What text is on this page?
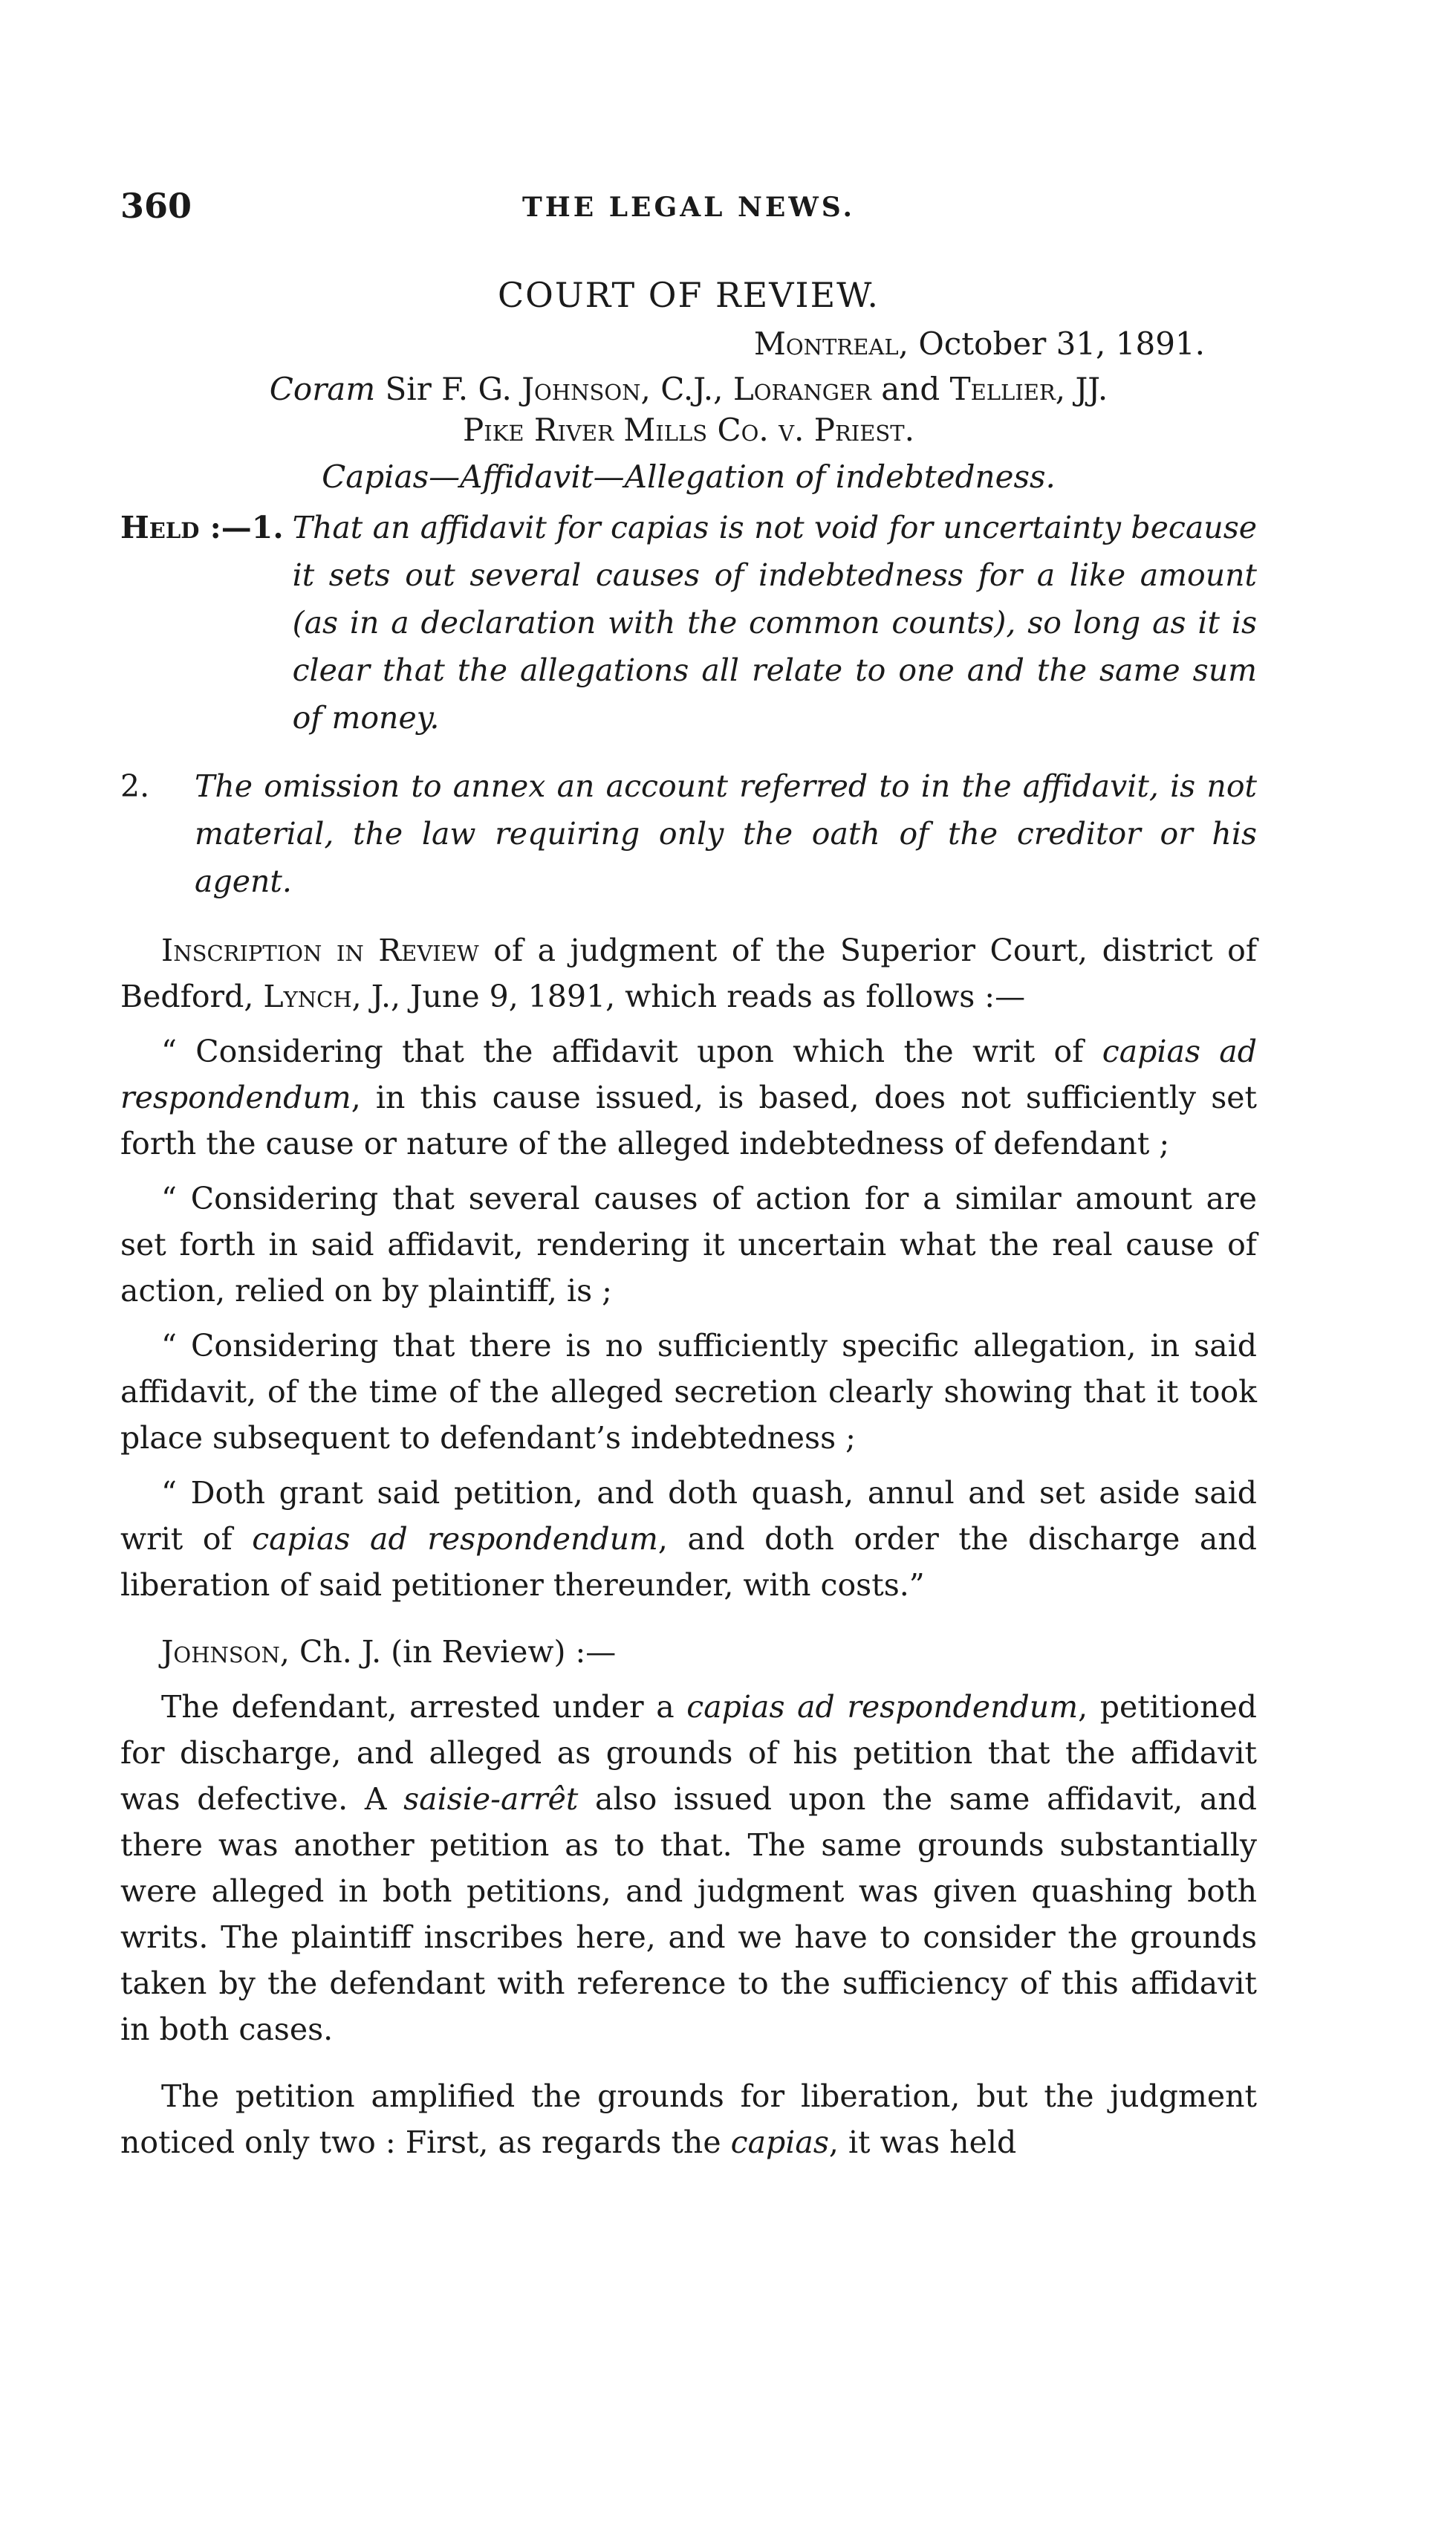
360	THE LEGAL NEWS.
COURT OF REVIEW.
Montreal, October 31, 1891.
Coram Sir F. G. Johnson, C.J., Loranger and Tellier, JJ.
Pike River Mills Co. v. Priest.
Capias—Affidavit—Allegation of indebtedness.
Held :—1. That an affidavit for capias is not void for uncertainty because it sets out several causes of indebtedness for a like amount (as in a declaration with the common counts), so long as it is clear that the allegations all relate to one and the same sum of money.
2.	The omission to annex an account referred to in the affidavit, is not material, the law requiring only the oath of the creditor or his agent.

Inscription in Review of a judgment of the Superior Court, district of Bedford, Lynch, J., June 9, 1891, which reads as follows :—

“ Considering that the affidavit upon which the writ of capias ad respondendum, in this cause issued, is based, does not sufficiently set forth the cause or nature of the alleged indebtedness of defendant ;

“ Considering that several causes of action for a similar amount are set forth in said affidavit, rendering it uncertain what the real cause of action, relied on by plaintiff, is ;

“ Considering that there is no sufficiently specific allegation, in said affidavit, of the time of the alleged secretion clearly showing that it took place subsequent to defendant’s indebtedness ;

“ Doth grant said petition, and doth quash, annul and set aside said writ of capias ad respondendum, and doth order the discharge and liberation of said petitioner thereunder, with costs.”

Johnson, Ch. J. (in Review) :—

The defendant, arrested under a capias ad respondendum, petitioned for discharge, and alleged as grounds of his petition that the affidavit was defective. A saisie-arrêt also issued upon the same affidavit, and there was another petition as to that. The same grounds substantially were alleged in both petitions, and judgment was given quashing both writs. The plaintiff inscribes here, and we have to consider the grounds taken by the defendant with reference to the sufficiency of this affidavit in both cases.

The petition amplified the grounds for liberation, but the judgment noticed only two : First, as regards the capias, it was held
